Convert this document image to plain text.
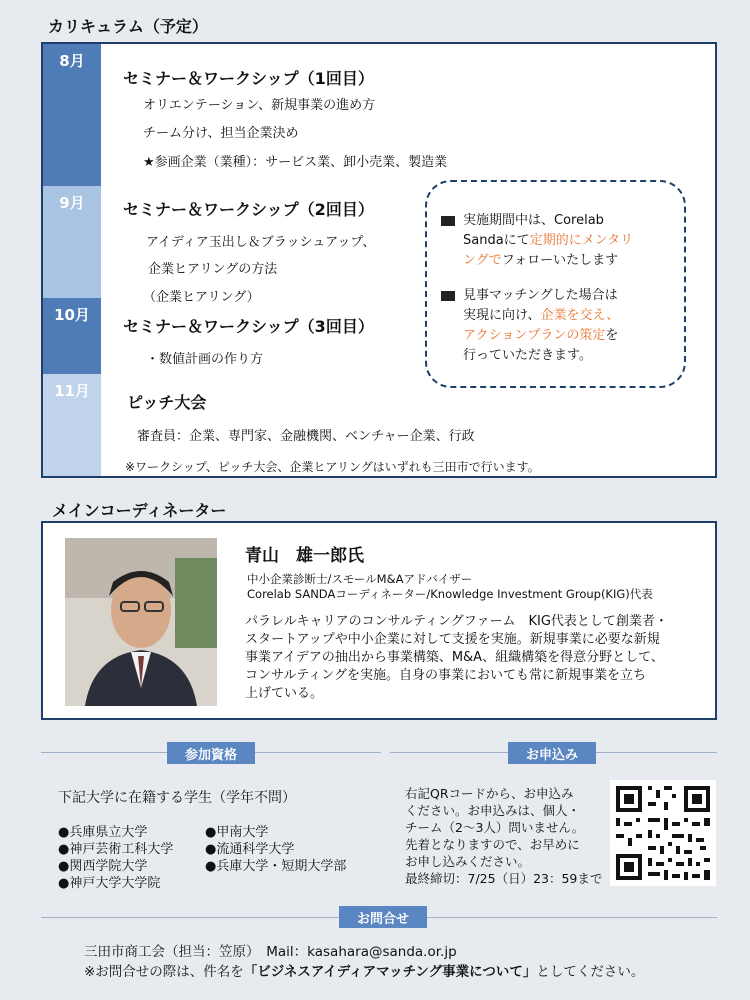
カリキュラム（予定）
8月
9月
10月
11月
セミナー＆ワークシップ（1回目）
オリエンテーション、新規事業の進め方
チーム分け、担当企業決め
★参画企業（業種）：サービス業、卸小売業、製造業
セミナー＆ワークシップ（2回目）
アイディア玉出し＆ブラッシュアップ、
企業ヒアリングの方法
（企業ヒアリング）
セミナー＆ワークシップ（3回目）
・数値計画の作り方
ピッチ大会
審査員：企業、専門家、金融機関、ベンチャー企業、行政
※ワークシップ、ピッチ大会、企業ヒアリングはいずれも三田市で行います。
実施期間中は、Corelab
Sandaにて定期的にメンタリ
ングでフォローいたします
見事マッチングした場合は
実現に向け、企業を交え、
アクションプランの策定を
行っていただきます。
メインコーディネーター
青山　雄一郎氏
中小企業診断士/スモールM&Aアドバイザー
Corelab SANDAコーディネーター/Knowledge Investment Group(KIG)代表
パラレルキャリアのコンサルティングファーム　KIG代表として創業者・
スタートアップや中小企業に対して支援を実施。新規事業に必要な新規
事業アイデアの抽出から事業構築、M&A、組織構築を得意分野として、
コンサルティングを実施。自身の事業においても常に新規事業を立ち
上げている。
参加資格	お申込み
下記大学に在籍する学生（学年不問）
●兵庫県立大学
●神戸芸術工科大学
●関西学院大学
●神戸大学大学院
●甲南大学
●流通科学大学
●兵庫大学・短期大学部
右記QRコードから、お申込み
ください。お申込みは、個人・
チーム（2～3人）問いません。
先着となりますので、お早めに
お申し込みください。
最終締切：7/25（日）23：59まで
お問合せ
三田市商工会（担当：笠原）　Mail：kasahara@sanda.or.jp
※お問合せの際は、件名を「ビジネスアイディアマッチング事業について」としてください。
